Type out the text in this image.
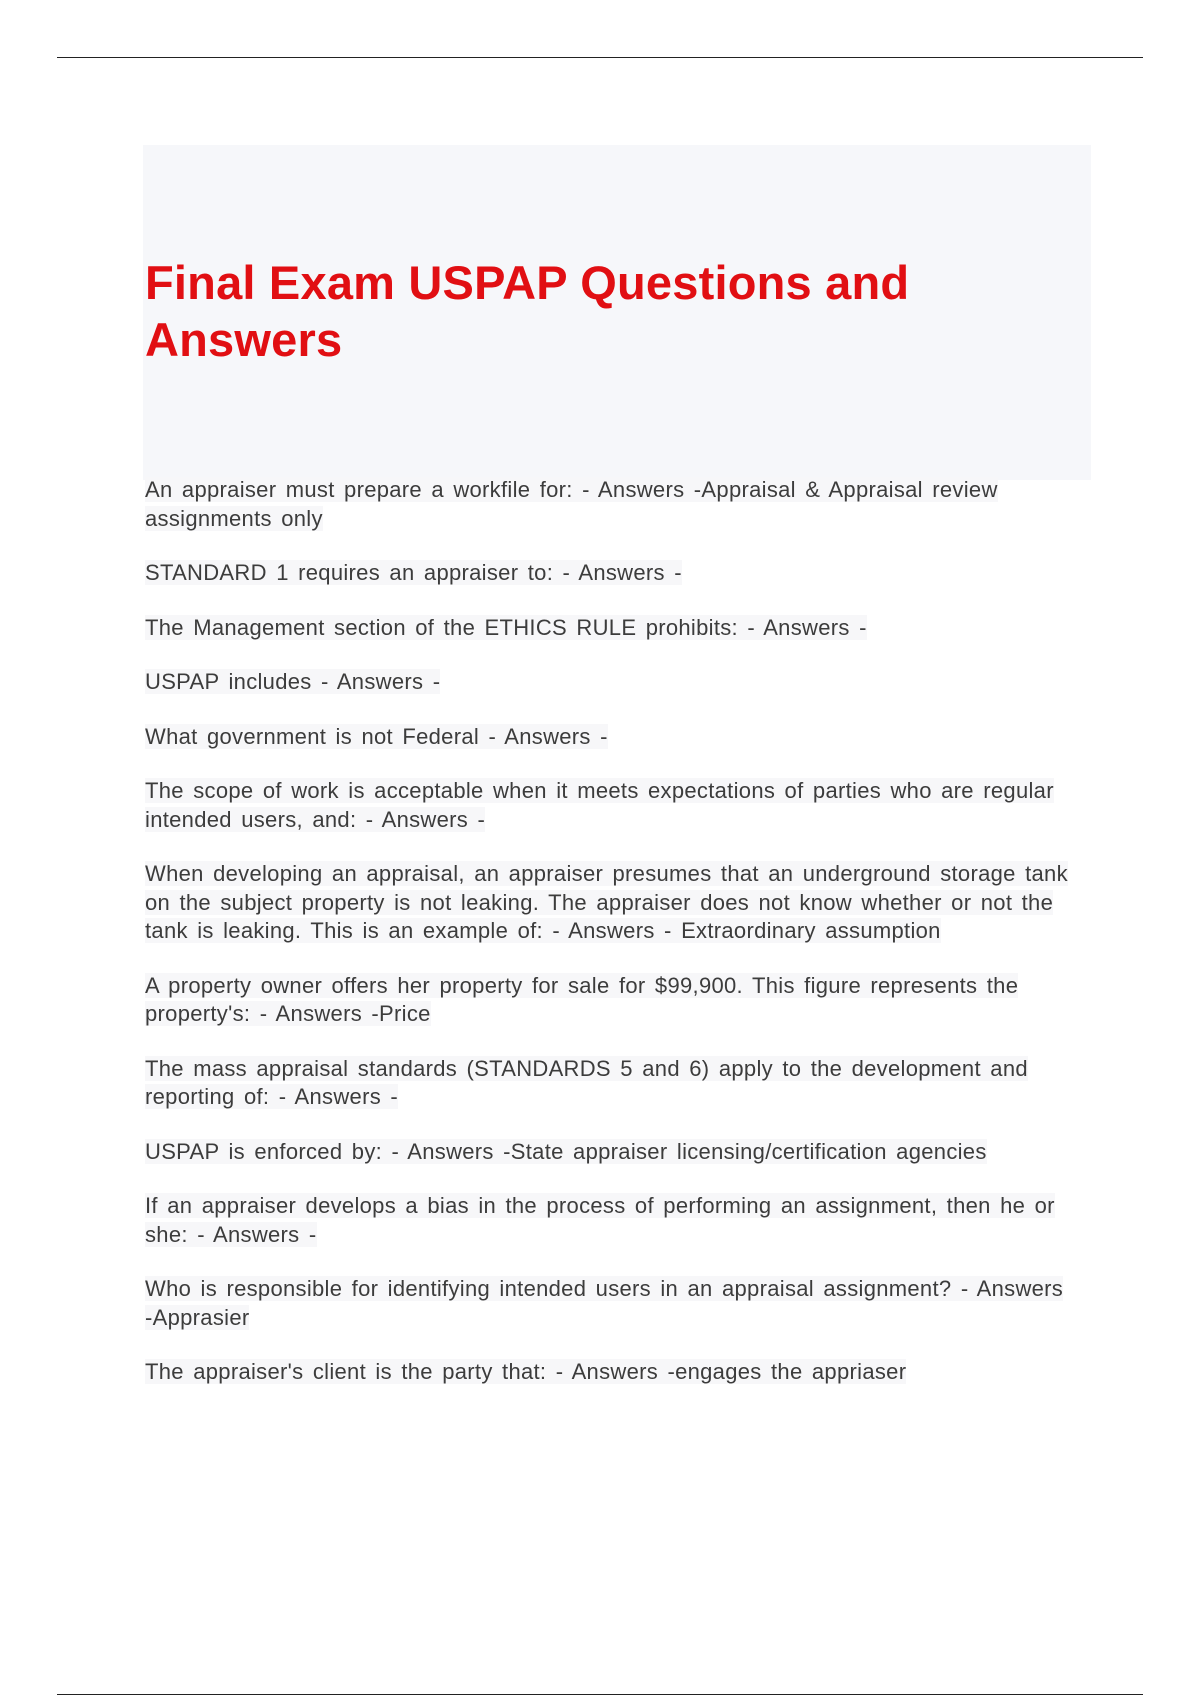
Final Exam USPAP Questions and Answers
An appraiser must prepare a workfile for: - Answers -Appraisal & Appraisal review assignments only
STANDARD 1 requires an appraiser to: - Answers -
The Management section of the ETHICS RULE prohibits: - Answers -
USPAP includes - Answers -
What government is not Federal - Answers -
The scope of work is acceptable when it meets expectations of parties who are regular intended users, and: - Answers -
When developing an appraisal, an appraiser presumes that an underground storage tank on the subject property is not leaking. The appraiser does not know whether or not the tank is leaking. This is an example of: - Answers - Extraordinary assumption
A property owner offers her property for sale for $99,900. This figure represents the property's: - Answers -Price
The mass appraisal standards (STANDARDS 5 and 6) apply to the development and reporting of: - Answers -
USPAP is enforced by: - Answers -State appraiser licensing/certification agencies
If an appraiser develops a bias in the process of performing an assignment, then he or she: - Answers -
Who is responsible for identifying intended users in an appraisal assignment? - Answers -Apprasier
The appraiser's client is the party that: - Answers -engages the appriaser
